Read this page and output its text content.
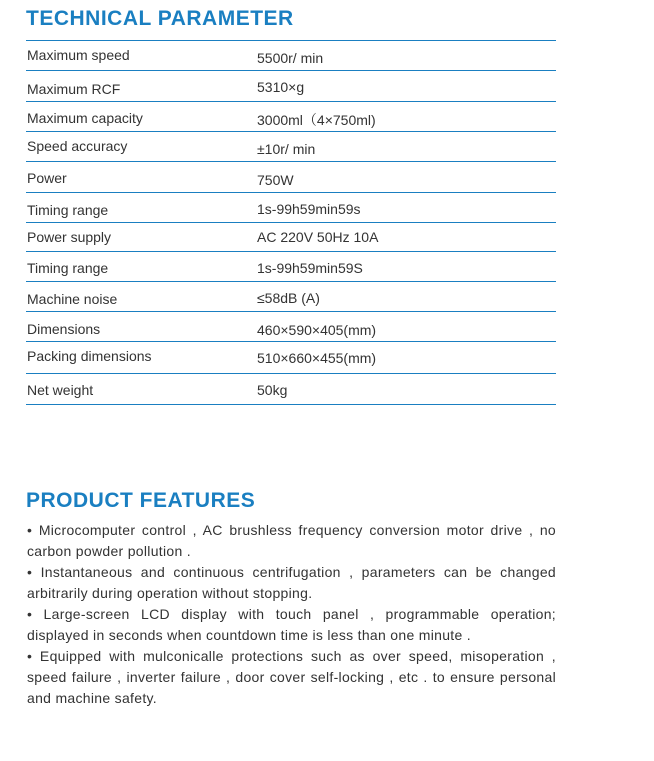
TECHNICAL PARAMETER
Maximum speed	5500r/ min
Maximum RCF	5310×g
Maximum capacity	3000ml（4×750ml)
Speed accuracy	±10r/ min
Power	750W
Timing range	1s-99h59min59s
Power supply	AC 220V 50Hz 10A
Timing range	1s-99h59min59S
Machine noise	≤58dB (A)
Dimensions	460×590×405(mm)
Packing dimensions	510×660×455(mm)
Net weight	50kg
PRODUCT FEATURES

• Microcomputer control , AC brushless frequency conversion motor drive , no carbon powder pollution .

• Instantaneous and continuous centrifugation , parameters can be changed arbitrarily during operation without stopping.

• Large-screen LCD display with touch panel , programmable operation; displayed in seconds when countdown time is less than one minute .

• Equipped with mulconicalle protections such as over speed, misoperation , speed failure , inverter failure , door cover self-locking , etc . to ensure personal and machine safety.
